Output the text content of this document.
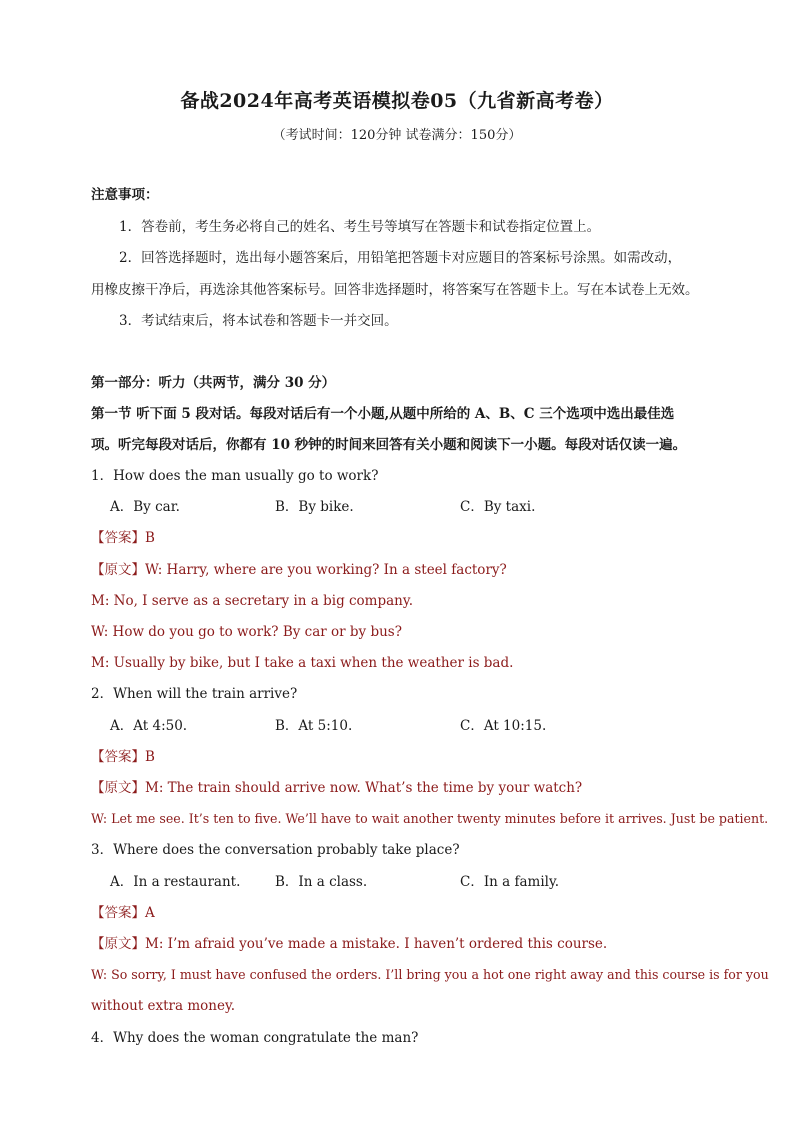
备战2024年高考英语模拟卷05（九省新高考卷）
（考试时间：120分钟 试卷满分：150分）
注意事项：
1．答卷前，考生务必将自己的姓名、考生号等填写在答题卡和试卷指定位置上。
2．回答选择题时，选出每小题答案后，用铅笔把答题卡对应题目的答案标号涂黑。如需改动，
用橡皮擦干净后，再选涂其他答案标号。回答非选择题时，将答案写在答题卡上。写在本试卷上无效。
3．考试结束后，将本试卷和答题卡一并交回。
第一部分：听力（共两节，满分 30 分）
第一节 听下面 5 段对话。每段对话后有一个小题,从题中所给的 A、B、C 三个选项中选出最佳选
项。听完每段对话后，你都有 10 秒钟的时间来回答有关小题和阅读下一小题。每段对话仅读一遍。
1．How does the man usually go to work?
A．By car.	B．By bike.	C．By taxi.
【答案】B
【原文】W: Harry, where are you working? In a steel factory?
M: No, I serve as a secretary in a big company.
W: How do you go to work? By car or by bus?
M: Usually by bike, but I take a taxi when the weather is bad.
2．When will the train arrive?
A．At 4:50.	B．At 5:10.	C．At 10:15.
【答案】B
【原文】M: The train should arrive now. What’s the time by your watch?
W: Let me see. It’s ten to five. We’ll have to wait another twenty minutes before it arrives. Just be patient.
3．Where does the conversation probably take place?
A．In a restaurant.	B．In a class.	C．In a family.
【答案】A
【原文】M: I’m afraid you’ve made a mistake. I haven’t ordered this course.
W: So sorry, I must have confused the orders. I’ll bring you a hot one right away and this course is for you
without extra money.
4．Why does the woman congratulate the man?
